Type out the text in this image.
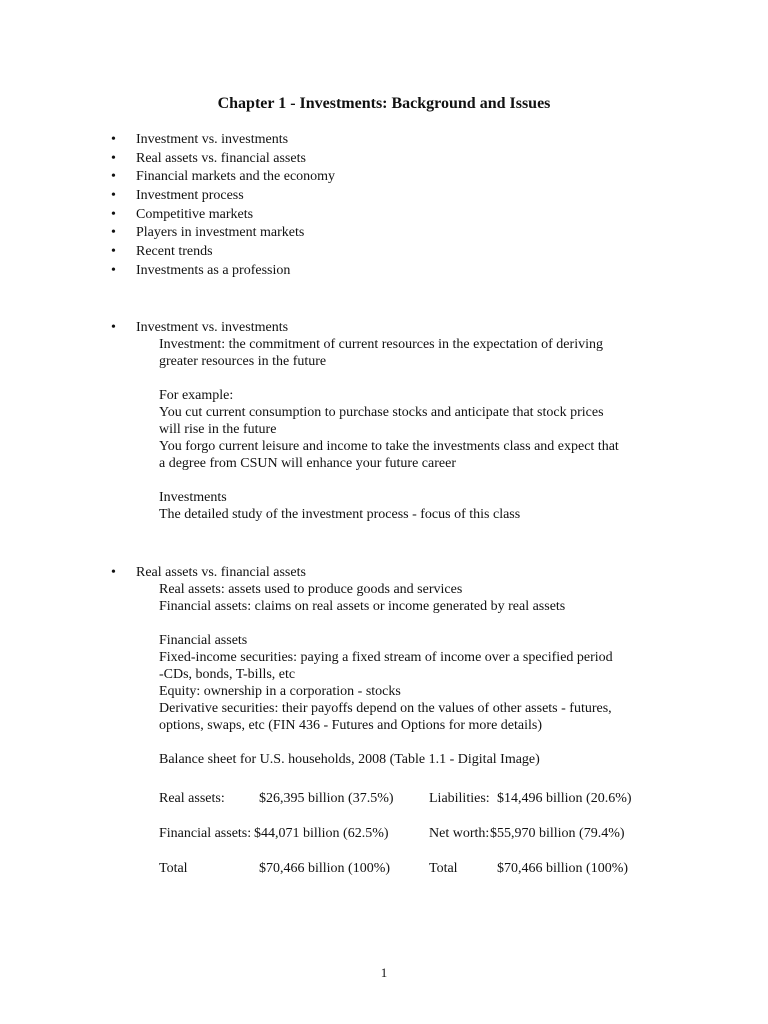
Chapter 1 - Investments: Background and Issues
• Investment vs. investments
• Real assets vs. financial assets
• Financial markets and the economy
• Investment process
• Competitive markets
• Players in investment markets
• Recent trends
• Investments as a profession
• Investment vs. investments

Investment: the commitment of current resources in the expectation of deriving

greater resources in the future

For example:

You cut current consumption to purchase stocks and anticipate that stock prices

will rise in the future

You forgo current leisure and income to take the investments class and expect that

a degree from CSUN will enhance your future career

Investments

The detailed study of the investment process - focus of this class

• Real assets vs. financial assets

Real assets: assets used to produce goods and services

Financial assets: claims on real assets or income generated by real assets

Financial assets

Fixed-income securities: paying a fixed stream of income over a specified period

-CDs, bonds, T-bills, etc

Equity: ownership in a corporation - stocks

Derivative securities: their payoffs depend on the values of other assets - futures,

options, swaps, etc (FIN 436 - Futures and Options for more details)

Balance sheet for U.S. households, 2008 (Table 1.1 - Digital Image)

Real assets: $26,395 billion (37.5%)	Liabilities: $14,496 billion (20.6%)
Financial assets: $44,071 billion (62.5%)	Net worth: $55,970 billion (79.4%)
Total	$70,466 billion (100%)	Total	$70,466 billion (100%)
1
